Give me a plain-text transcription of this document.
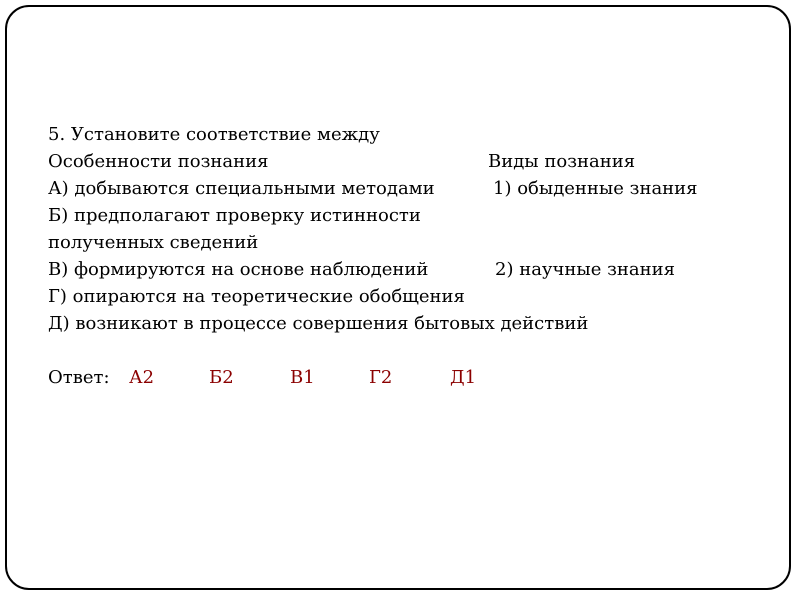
5. Установите соответствие между
Особенности познания	Виды познания
А) добываются специальными методами	1) обыденные знания
Б) предполагают проверку истинности
полученных сведений
В) формируются на основе наблюдений	2) научные знания
Г) опираются на теоретические обобщения
Д) возникают в процессе совершения бытовых действий
Ответ: А2	Б2	В1	Г2	Д1
